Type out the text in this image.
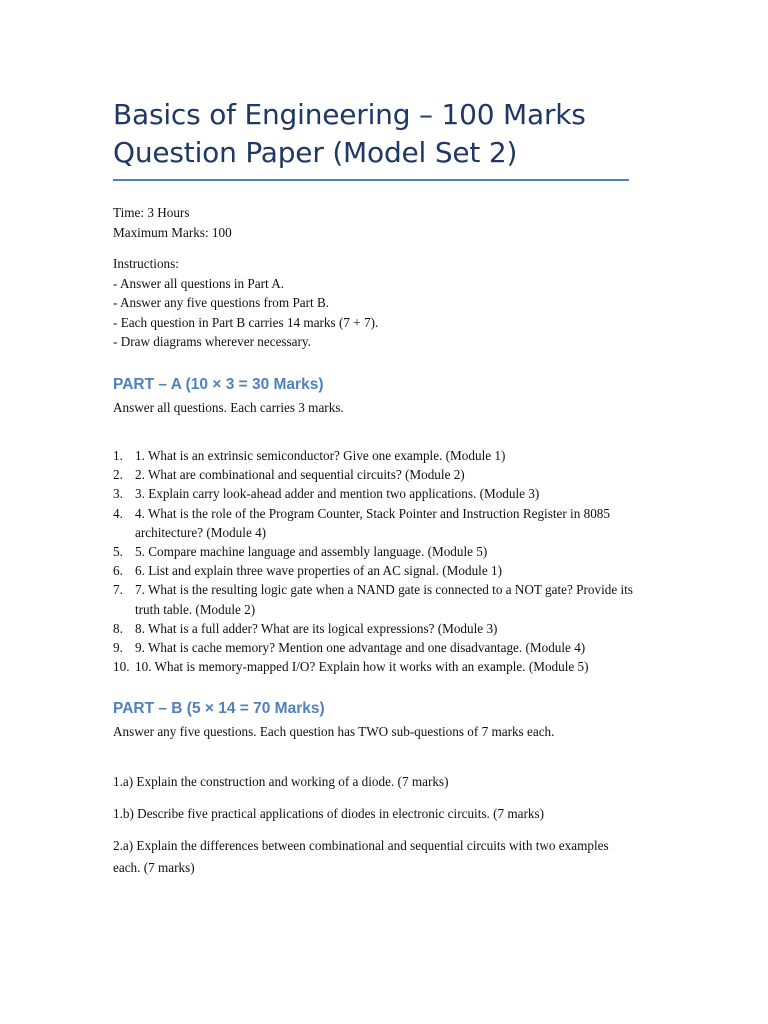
Basics of Engineering – 100 Marks
Question Paper (Model Set 2)
Time: 3 Hours
Maximum Marks: 100
Instructions:
- Answer all questions in Part A.
- Answer any five questions from Part B.
- Each question in Part B carries 14 marks (7 + 7).
- Draw diagrams wherever necessary.
PART – A (10 × 3 = 30 Marks)
Answer all questions. Each carries 3 marks.
1. 1. What is an extrinsic semiconductor? Give one example. (Module 1)
2. 2. What are combinational and sequential circuits? (Module 2)
3. 3. Explain carry look-ahead adder and mention two applications. (Module 3)
4. 4. What is the role of the Program Counter, Stack Pointer and Instruction Register in 8085 architecture? (Module 4)
5. 5. Compare machine language and assembly language. (Module 5)
6. 6. List and explain three wave properties of an AC signal. (Module 1)
7. 7. What is the resulting logic gate when a NAND gate is connected to a NOT gate? Provide its truth table. (Module 2)
8. 8. What is a full adder? What are its logical expressions? (Module 3)
9. 9. What is cache memory? Mention one advantage and one disadvantage. (Module 4)
10. 10. What is memory-mapped I/O? Explain how it works with an example. (Module 5)
PART – B (5 × 14 = 70 Marks)
Answer any five questions. Each question has TWO sub-questions of 7 marks each.
1.a) Explain the construction and working of a diode. (7 marks)
1.b) Describe five practical applications of diodes in electronic circuits. (7 marks)
2.a) Explain the differences between combinational and sequential circuits with two examples each. (7 marks)
